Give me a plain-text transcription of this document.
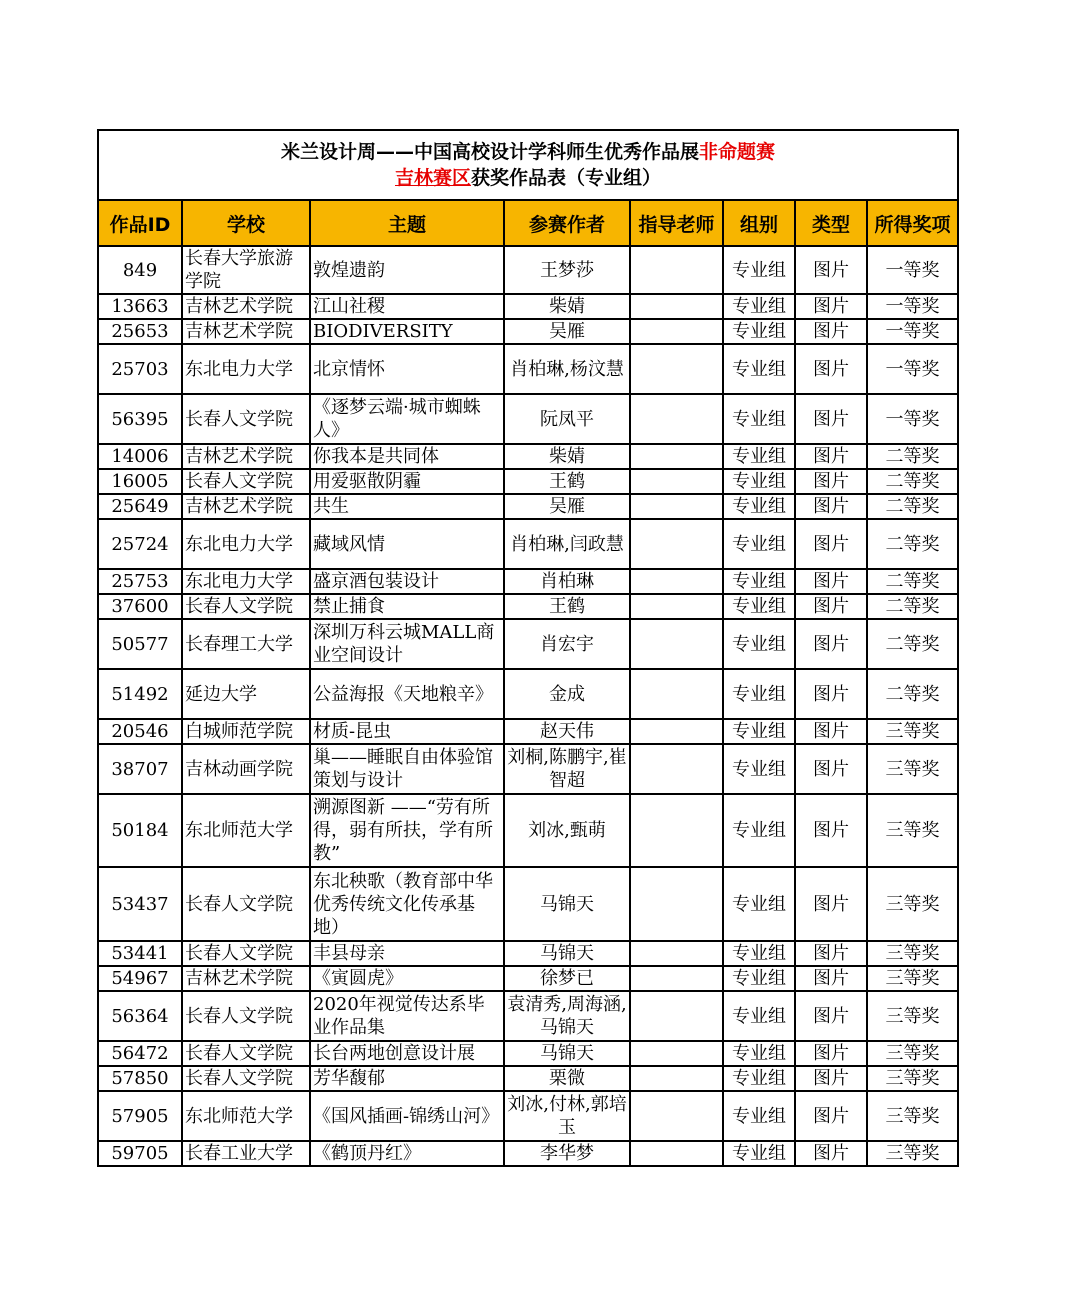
米兰设计周——中国高校设计学科师生优秀作品展非命题赛
吉林赛区获奖作品表（专业组）							

作品ID	学校	主题	参赛作者	指导老师	组别	类型	所得奖项
849	长春大学旅游学院	敦煌遗韵	王梦莎		专业组	图片	一等奖
13663	吉林艺术学院	江山社稷	柴婧		专业组	图片	一等奖
25653	吉林艺术学院	BIODIVERSITY	吴雁		专业组	图片	一等奖
25703	东北电力大学	北京情怀	肖柏琳,杨汶慧		专业组	图片	一等奖
56395	长春人文学院	《逐梦云端·城市蜘蛛人》	阮凤平		专业组	图片	一等奖
14006	吉林艺术学院	你我本是共同体	柴婧		专业组	图片	二等奖
16005	长春人文学院	用爱驱散阴霾	王鹤		专业组	图片	二等奖
25649	吉林艺术学院	共生	吴雁		专业组	图片	二等奖
25724	东北电力大学	藏域风情	肖柏琳,闫政慧		专业组	图片	二等奖
25753	东北电力大学	盛京酒包装设计	肖柏琳		专业组	图片	二等奖
37600	长春人文学院	禁止捕食	王鹤		专业组	图片	二等奖
50577	长春理工大学	深圳万科云城MALL商业空间设计	肖宏宇		专业组	图片	二等奖
51492	延边大学	公益海报《天地粮辛》	金成		专业组	图片	二等奖
20546	白城师范学院	材质-昆虫	赵天伟		专业组	图片	三等奖
38707	吉林动画学院	巢——睡眠自由体验馆策划与设计	刘桐,陈鹏宇,崔智超		专业组	图片	三等奖
50184	东北师范大学	溯源图新 ——“劳有所得，弱有所扶，学有所教”	刘冰,甄萌		专业组	图片	三等奖
53437	长春人文学院	东北秧歌（教育部中华优秀传统文化传承基地）	马锦天		专业组	图片	三等奖
53441	长春人文学院	丰县母亲	马锦天		专业组	图片	三等奖
54967	吉林艺术学院	《寅圆虎》	徐梦已		专业组	图片	三等奖
56364	长春人文学院	2020年视觉传达系毕业作品集	袁清秀,周海涵,马锦天		专业组	图片	三等奖
56472	长春人文学院	长台两地创意设计展	马锦天		专业组	图片	三等奖
57850	长春人文学院	芳华馥郁	栗微		专业组	图片	三等奖
57905	东北师范大学	《国风插画-锦绣山河》	刘冰,付林,郭培玉		专业组	图片	三等奖
59705	长春工业大学	《鹤顶丹红》	李华梦		专业组	图片	三等奖
